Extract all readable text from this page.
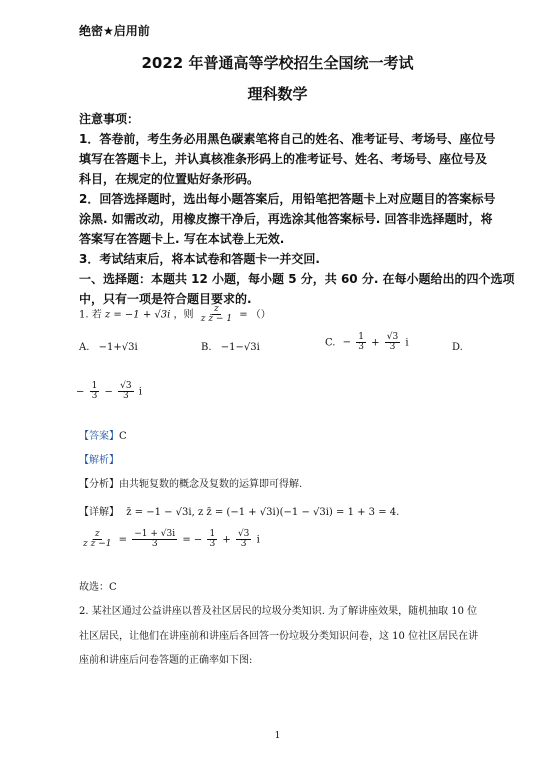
绝密★启用前
2022 年普通高等学校招生全国统一考试
理科数学
注意事项：
1．答卷前，考生务必用黑色碳素笔将自己的姓名、准考证号、考场号、座位号
填写在答题卡上，并认真核准条形码上的准考证号、姓名、考场号、座位号及
科目，在规定的位置贴好条形码。
2．回答选择题时，选出每小题答案后，用铅笔把答题卡上对应题目的答案标号
涂黑. 如需改动，用橡皮擦干净后，再选涂其他答案标号. 回答非选择题时，将
答案写在答题卡上. 写在本试卷上无效.
3．考试结束后，将本试卷和答题卡一并交回.
一、选择题：本题共 12 小题，每小题 5 分，共 60 分. 在每小题给出的四个选项
中，只有一项是符合题目要求的.
1. 若 z = −1 + √3i ，则 $\frac{z}{\text{z z̄ − 1}}$ = （）
A. −1+√3i	B. −1−√3i	C. − $\frac{1}{3} + \frac{√3}{3}$ i	D.
− $\frac{1}{3} - \frac{√3}{3}$ i
【答案】C
【解析】
【分析】由共轭复数的概念及复数的运算即可得解.
【详解】 z̄ = −1 − √3i, z z̄ = (−1 + √3i)(−1 − √3i) = 1 + 3 = 4.
$\frac{z}{\text{z z̄ −1}} = \frac{-1 + √3i}{3}$ = − $\frac{1}{3} + \frac{√3}{3}$ i
故选：C
2. 某社区通过公益讲座以普及社区居民的垃圾分类知识. 为了解讲座效果，随机抽取 10 位
社区居民，让他们在讲座前和讲座后各回答一份垃圾分类知识问卷，这 10 位社区居民在讲
座前和讲座后问卷答题的正确率如下图:
1
